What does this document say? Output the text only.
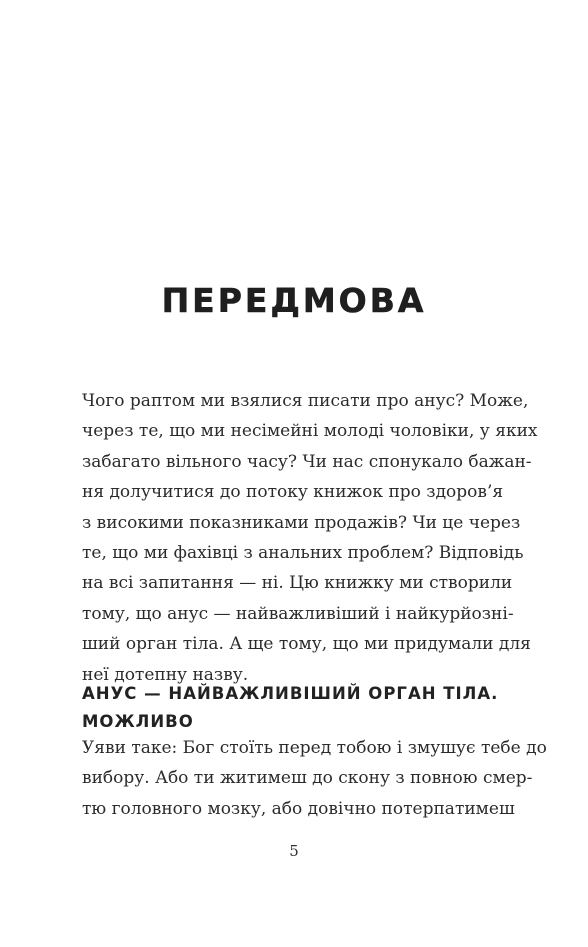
ПЕРЕДМОВА
Чого раптом ми взялися писати про анус? Може,
через те, що ми несімейні молоді чоловіки, у яких
забагато вільного часу? Чи нас спонукало бажан-
ня долучитися до потоку книжок про здоров’я
з високими показниками продажів? Чи це через
те, що ми фахівці з анальних проблем? Відповідь
на всі запитання — ні. Цю книжку ми створили
тому, що анус — найважливіший і найкурйозні-
ший орган тіла. А ще тому, що ми придумали для
неї дотепну назву.
АНУС — НАЙВАЖЛИВІШИЙ ОРГАН ТІЛА.
МОЖЛИВО
Уяви таке: Бог стоїть перед тобою і змушує тебе до
вибору. Або ти житимеш до скону з повною смер-
тю головного мозку, або довічно потерпатимеш
5
